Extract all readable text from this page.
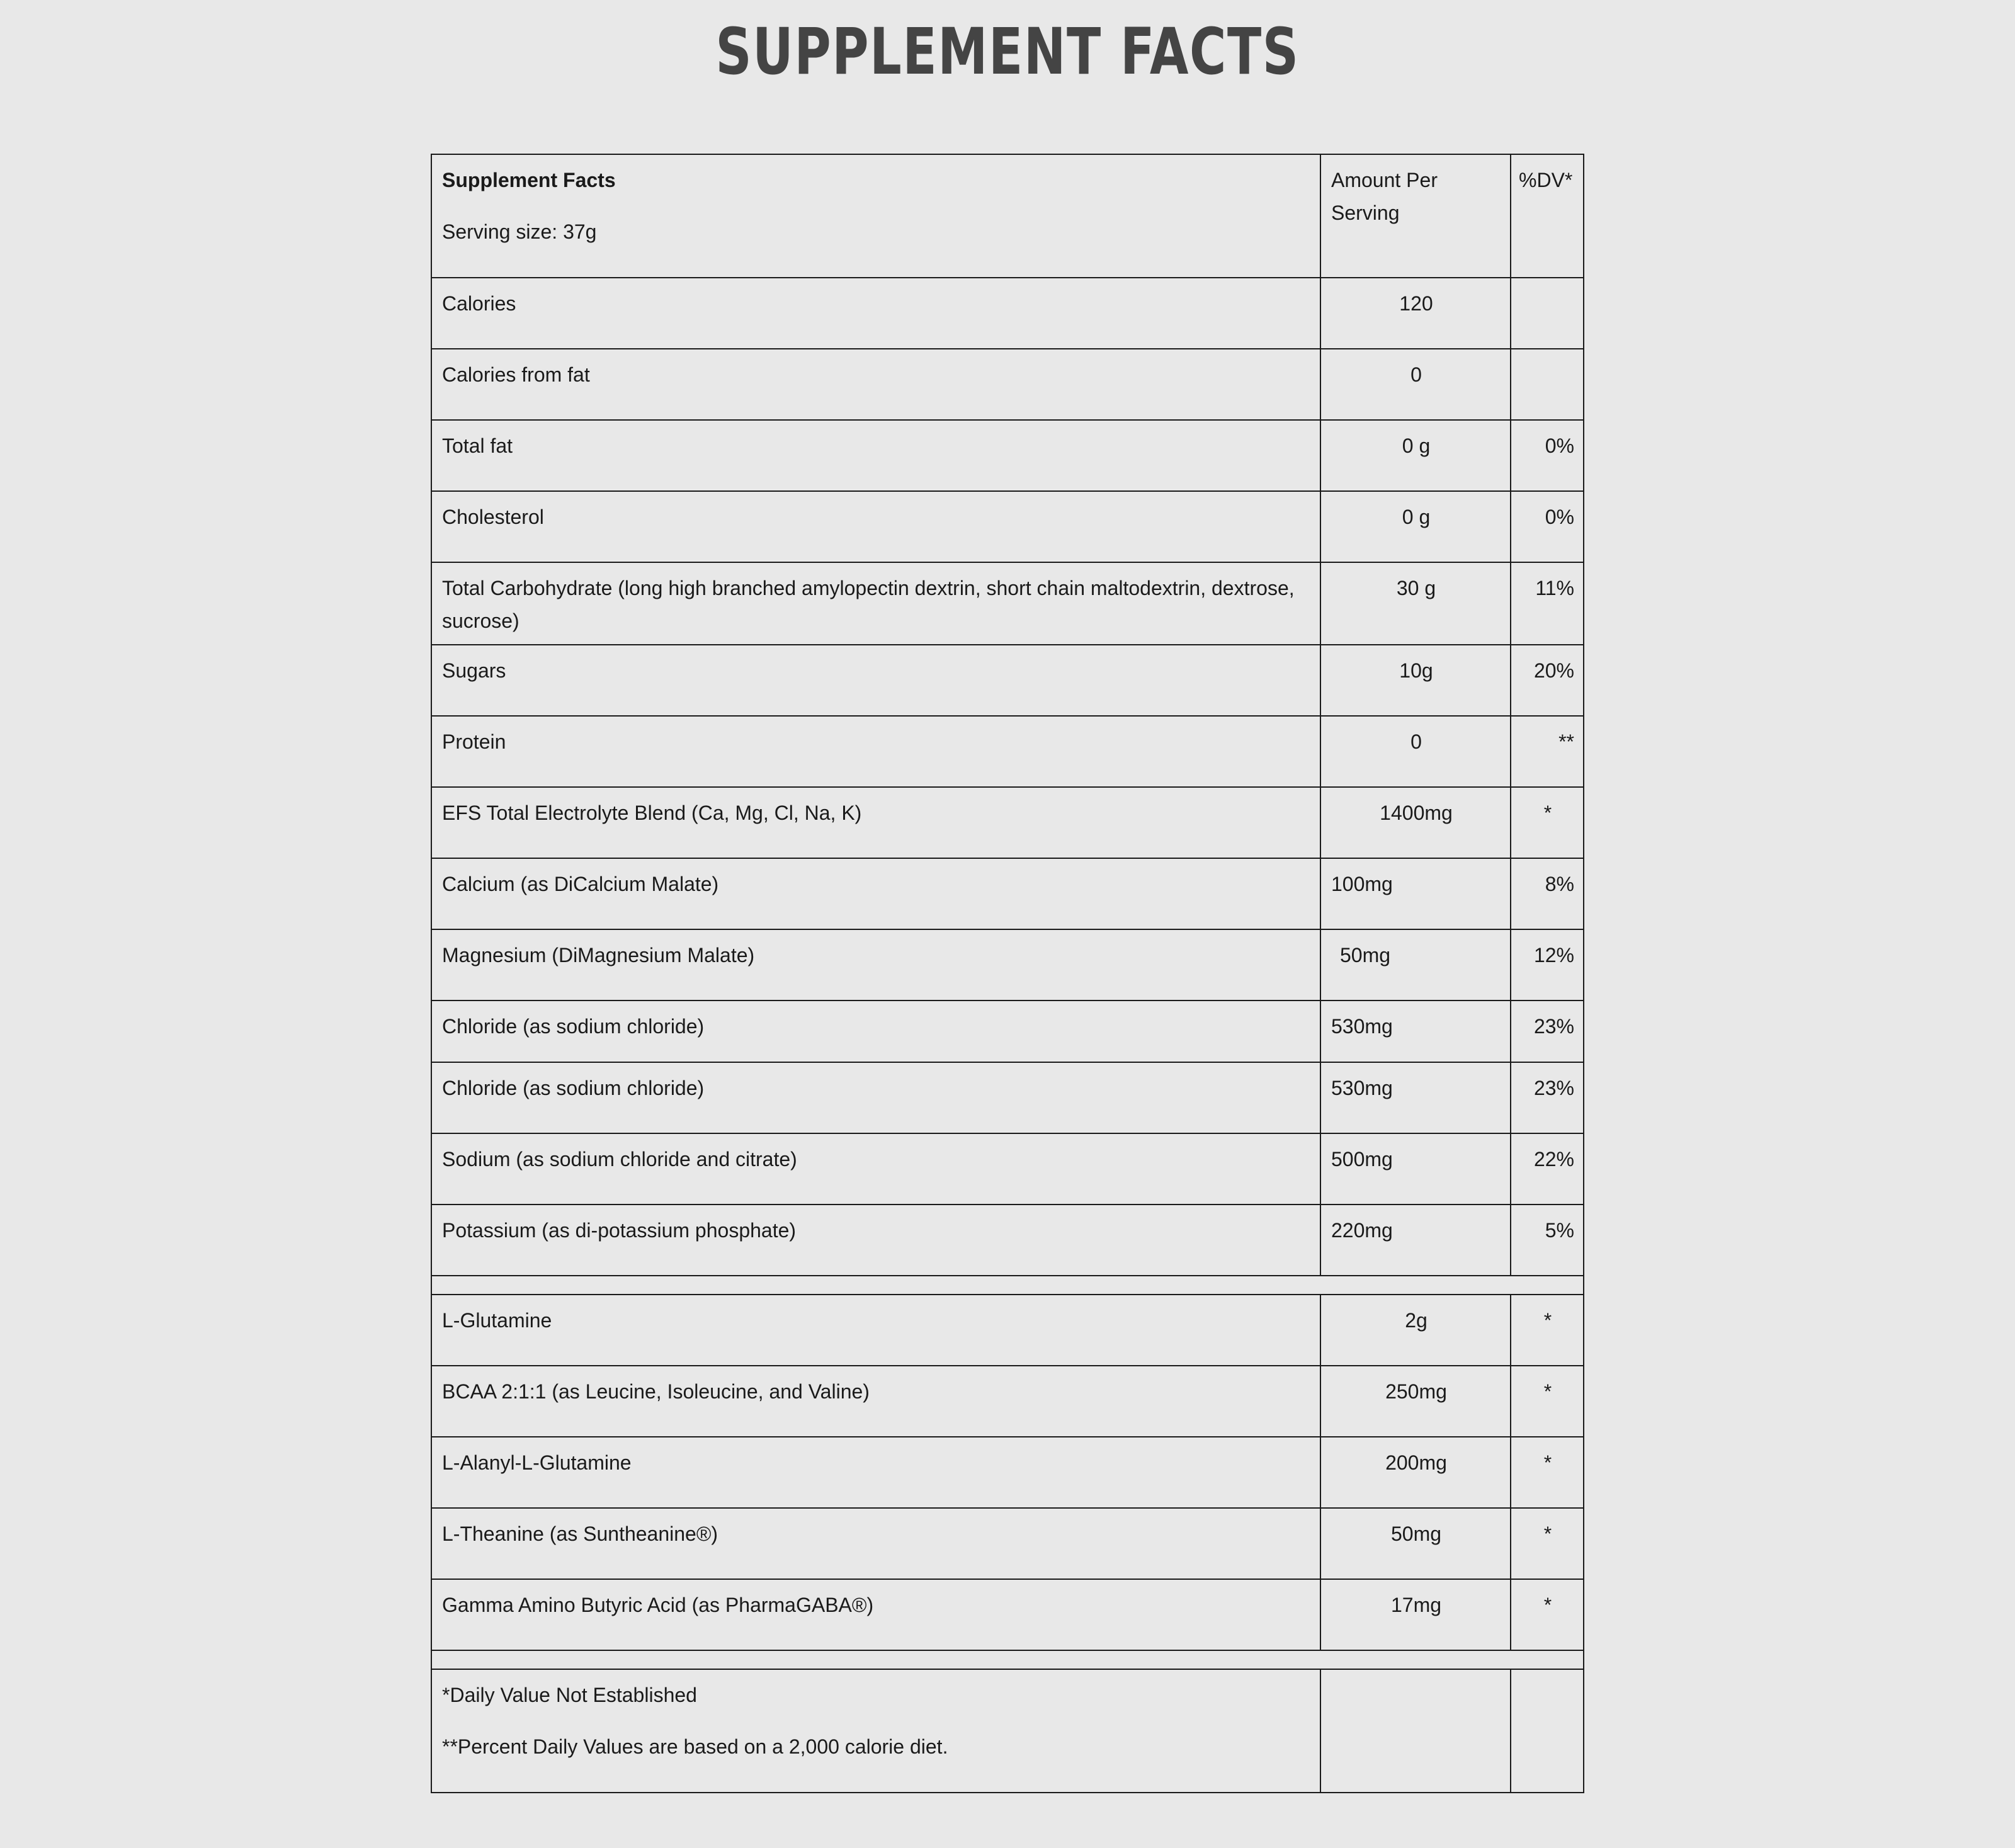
SUPPLEMENT FACTS
Supplement Facts
Serving size: 37g	Amount Per Serving	%DV*
Calories	120	
Calories from fat	0	
Total fat	0 g	0%
Cholesterol	0 g	0%
Total Carbohydrate (long high branched amylopectin dextrin, short chain maltodextrin, dextrose, sucrose)	30 g	11%
Sugars	10g	20%
Protein	0	**
EFS Total Electrolyte Blend (Ca, Mg, Cl, Na, K)	1400mg	*
Calcium (as DiCalcium Malate)	100mg	8%
Magnesium (DiMagnesium Malate)	50mg	12%
Chloride (as sodium chloride)	530mg	23%
Chloride (as sodium chloride)	530mg	23%
Sodium (as sodium chloride and citrate)	500mg	22%
Potassium (as di-potassium phosphate)	220mg	5%

L-Glutamine	2g	*
BCAA 2:1:1 (as Leucine, Isoleucine, and Valine)	250mg	*
L-Alanyl-L-Glutamine	200mg	*
L-Theanine (as Suntheanine®)	50mg	*
Gamma Amino Butyric Acid (as PharmaGABA®)	17mg	*

*Daily Value Not Established
**Percent Daily Values are based on a 2,000 calorie diet.		
